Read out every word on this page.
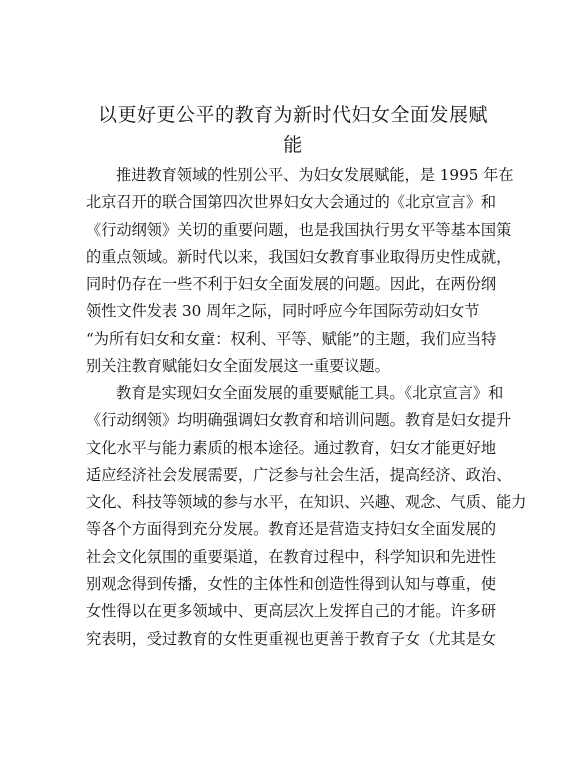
以更好更公平的教育为新时代妇女全面发展赋
能
推进教育领域的性别公平、为妇女发展赋能，是 1995 年在
北京召开的联合国第四次世界妇女大会通过的《北京宣言》和
《行动纲领》关切的重要问题，也是我国执行男女平等基本国策
的重点领域。新时代以来，我国妇女教育事业取得历史性成就，
同时仍存在一些不利于妇女全面发展的问题。因此，在两份纲
领性文件发表 30 周年之际，同时呼应今年国际劳动妇女节
“为所有妇女和女童：权利、平等、赋能”的主题，我们应当特
别关注教育赋能妇女全面发展这一重要议题。
教育是实现妇女全面发展的重要赋能工具。《北京宣言》和
《行动纲领》均明确强调妇女教育和培训问题。教育是妇女提升
文化水平与能力素质的根本途径。通过教育，妇女才能更好地
适应经济社会发展需要，广泛参与社会生活，提高经济、政治、
文化、科技等领域的参与水平，在知识、兴趣、观念、气质、能力
等各个方面得到充分发展。教育还是营造支持妇女全面发展的
社会文化氛围的重要渠道，在教育过程中，科学知识和先进性
别观念得到传播，女性的主体性和创造性得到认知与尊重，使
女性得以在更多领域中、更高层次上发挥自己的才能。许多研
究表明，受过教育的女性更重视也更善于教育子女（尤其是女
